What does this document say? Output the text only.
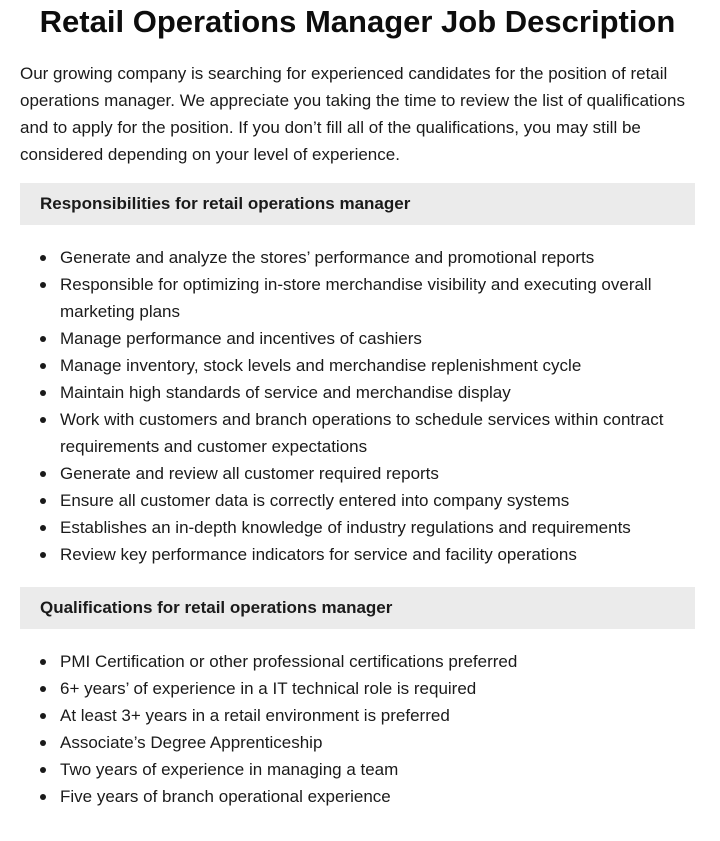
Retail Operations Manager Job Description

Our growing company is searching for experienced candidates for the position of retail operations manager. We appreciate you taking the time to review the list of qualifications and to apply for the position. If you don’t fill all of the qualifications, you may still be considered depending on your level of experience.

Responsibilities for retail operations manager
Generate and analyze the stores’ performance and promotional reports
Responsible for optimizing in-store merchandise visibility and executing overall marketing plans
Manage performance and incentives of cashiers
Manage inventory, stock levels and merchandise replenishment cycle
Maintain high standards of service and merchandise display
Work with customers and branch operations to schedule services within contract requirements and customer expectations
Generate and review all customer required reports
Ensure all customer data is correctly entered into company systems
Establishes an in-depth knowledge of industry regulations and requirements
Review key performance indicators for service and facility operations
Qualifications for retail operations manager
PMI Certification or other professional certifications preferred
6+ years’ of experience in a IT technical role is required
At least 3+ years in a retail environment is preferred
Associate’s Degree Apprenticeship
Two years of experience in managing a team
Five years of branch operational experience
